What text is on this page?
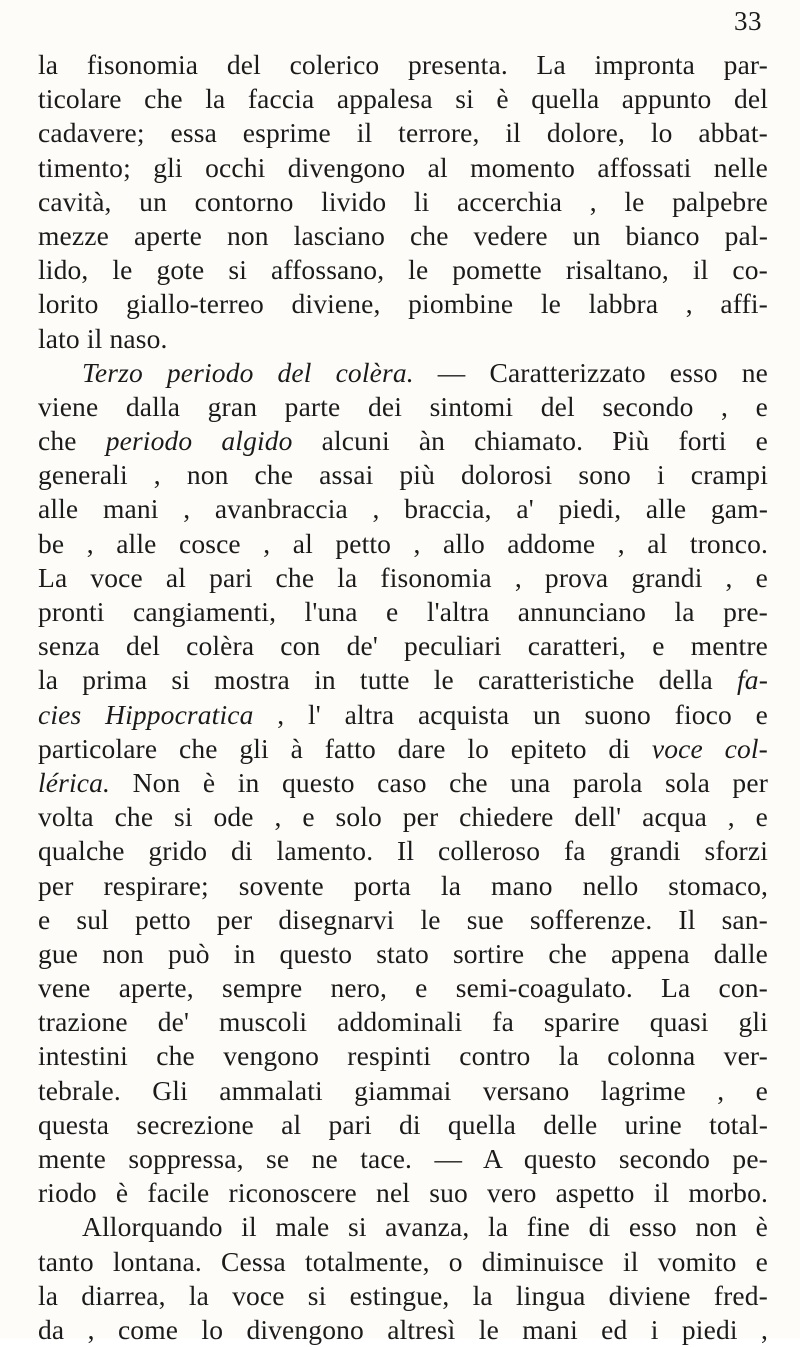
33
la fisonomia del colerico presenta. La impronta par-
ticolare che la faccia appalesa si è quella appunto del
cadavere; essa esprime il terrore, il dolore, lo abbat-
timento; gli occhi divengono al momento affossati nelle
cavità, un contorno livido li accerchia , le palpebre
mezze aperte non lasciano che vedere un bianco pal-
lido, le gote si affossano, le pomette risaltano, il co-
lorito giallo-terreo diviene, piombine le labbra , affi-
lato il naso.
Terzo periodo del colèra. — Caratterizzato esso ne
viene dalla gran parte dei sintomi del secondo , e
che periodo algido alcuni àn chiamato. Più forti e
generali , non che assai più dolorosi sono i crampi
alle mani , avanbraccia , braccia, a' piedi, alle gam-
be , alle cosce , al petto , allo addome , al tronco.
La voce al pari che la fisonomia , prova grandi , e
pronti cangiamenti, l'una e l'altra annunciano la pre-
senza del colèra con de' peculiari caratteri, e mentre
la prima si mostra in tutte le caratteristiche della fa-
cies Hippocratica , l' altra acquista un suono fioco e
particolare che gli à fatto dare lo epiteto di voce col-
lérica. Non è in questo caso che una parola sola per
volta che si ode , e solo per chiedere dell' acqua , e
qualche grido di lamento. Il colleroso fa grandi sforzi
per respirare; sovente porta la mano nello stomaco,
e sul petto per disegnarvi le sue sofferenze. Il san-
gue non può in questo stato sortire che appena dalle
vene aperte, sempre nero, e semi-coagulato. La con-
trazione de' muscoli addominali fa sparire quasi gli
intestini che vengono respinti contro la colonna ver-
tebrale. Gli ammalati giammai versano lagrime , e
questa secrezione al pari di quella delle urine total-
mente soppressa, se ne tace. — A questo secondo pe-
riodo è facile riconoscere nel suo vero aspetto il morbo.
Allorquando il male si avanza, la fine di esso non è
tanto lontana. Cessa totalmente, o diminuisce il vomito e
la diarrea, la voce si estingue, la lingua diviene fred-
da , come lo divengono altresì le mani ed i piedi ,
